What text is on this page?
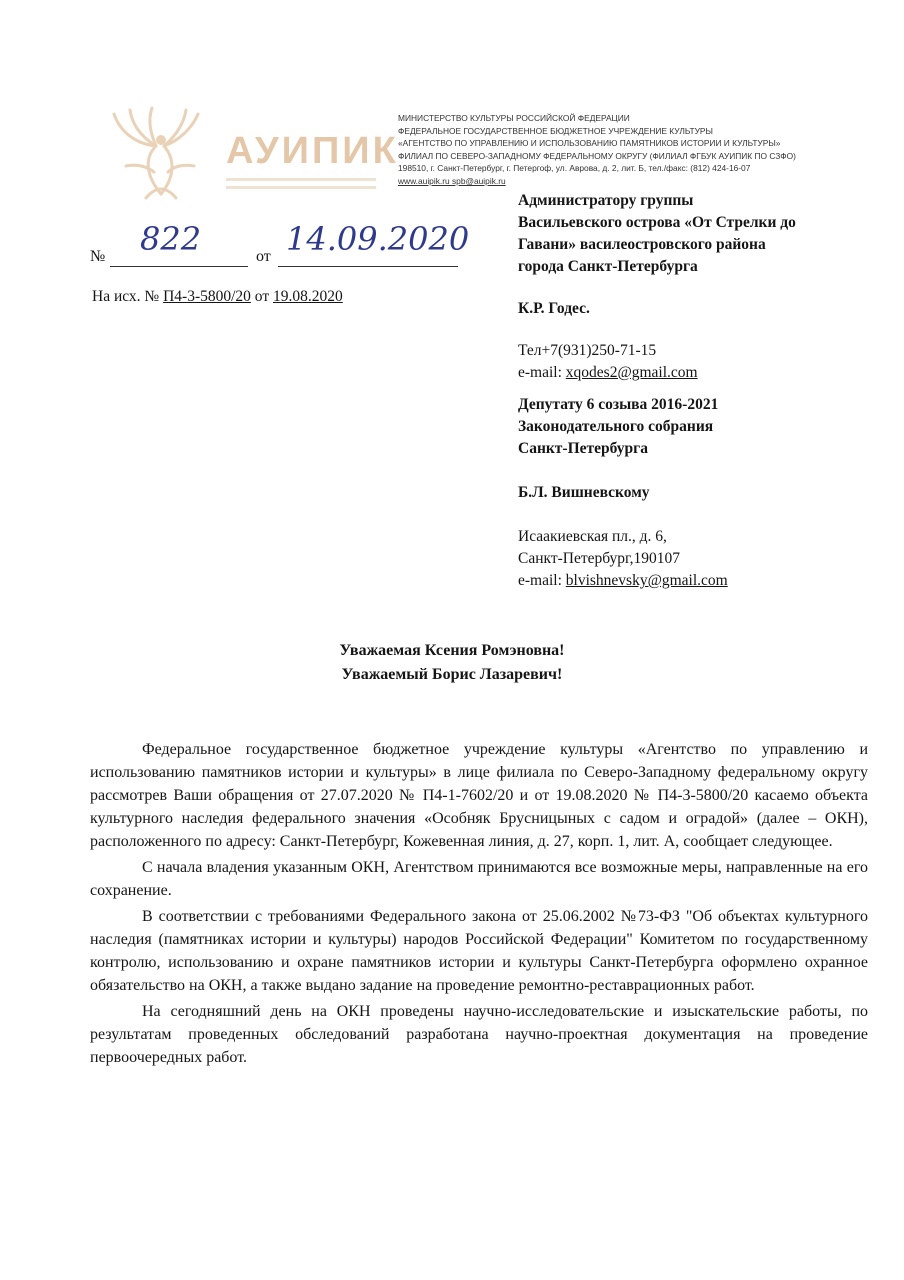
АУИПИК
МИНИСТЕРСТВО КУЛЬТУРЫ РОССИЙСКОЙ ФЕДЕРАЦИИ
ФЕДЕРАЛЬНОЕ ГОСУДАРСТВЕННОЕ БЮДЖЕТНОЕ УЧРЕЖДЕНИЕ КУЛЬТУРЫ
«АГЕНТСТВО ПО УПРАВЛЕНИЮ И ИСПОЛЬЗОВАНИЮ ПАМЯТНИКОВ ИСТОРИИ И КУЛЬТУРЫ»
ФИЛИАЛ ПО СЕВЕРО-ЗАПАДНОМУ ФЕДЕРАЛЬНОМУ ОКРУГУ (ФИЛИАЛ ФГБУК АУИПИК ПО СЗФО)
198510, г. Санкт-Петербург, г. Петергоф, ул. Аврова, д. 2, лит. Б, тел./факс: (812) 424-16-07
www.auipik.ru spb@auipik.ru
№ 822	от 14.09.2020
На исх. № П4-3-5800/20 от 19.08.2020
Администратору группы
Васильевского острова «От Стрелки до
Гавани» василеостровского района
города Санкт-Петербурга
К.Р. Годес.
Тел+7(931)250-71-15
e-mail: xqodes2@gmail.com
Депутату 6 созыва 2016-2021
Законодательного собрания
Санкт-Петербурга
Б.Л. Вишневскому
Исаакиевская пл., д. 6,
Санкт-Петербург,190107
e-mail: blvishnevsky@gmail.com
Уважаемая Ксения Ромэновна!
Уважаемый Борис Лазаревич!

Федеральное государственное бюджетное учреждение культуры «Агентство по управлению и использованию памятников истории и культуры» в лице филиала по Северо-Западному федеральному округу рассмотрев Ваши обращения от 27.07.2020 № П4-1-7602/20 и от 19.08.2020 № П4-3-5800/20 касаемо объекта культурного наследия федерального значения «Особняк Брусницыных с садом и оградой» (далее – ОКН), расположенного по адресу: Санкт-Петербург, Кожевенная линия, д. 27, корп. 1, лит. А, сообщает следующее.

С начала владения указанным ОКН, Агентством принимаются все возможные меры, направленные на его сохранение.

В соответствии с требованиями Федерального закона от 25.06.2002 №73-ФЗ "Об объектах культурного наследия (памятниках истории и культуры) народов Российской Федерации" Комитетом по государственному контролю, использованию и охране памятников истории и культуры Санкт-Петербурга оформлено охранное обязательство на ОКН, а также выдано задание на проведение ремонтно-реставрационных работ.

На сегодняшний день на ОКН проведены научно-исследовательские и изыскательские работы, по результатам проведенных обследований разработана научно-проектная документация на проведение первоочередных работ.
